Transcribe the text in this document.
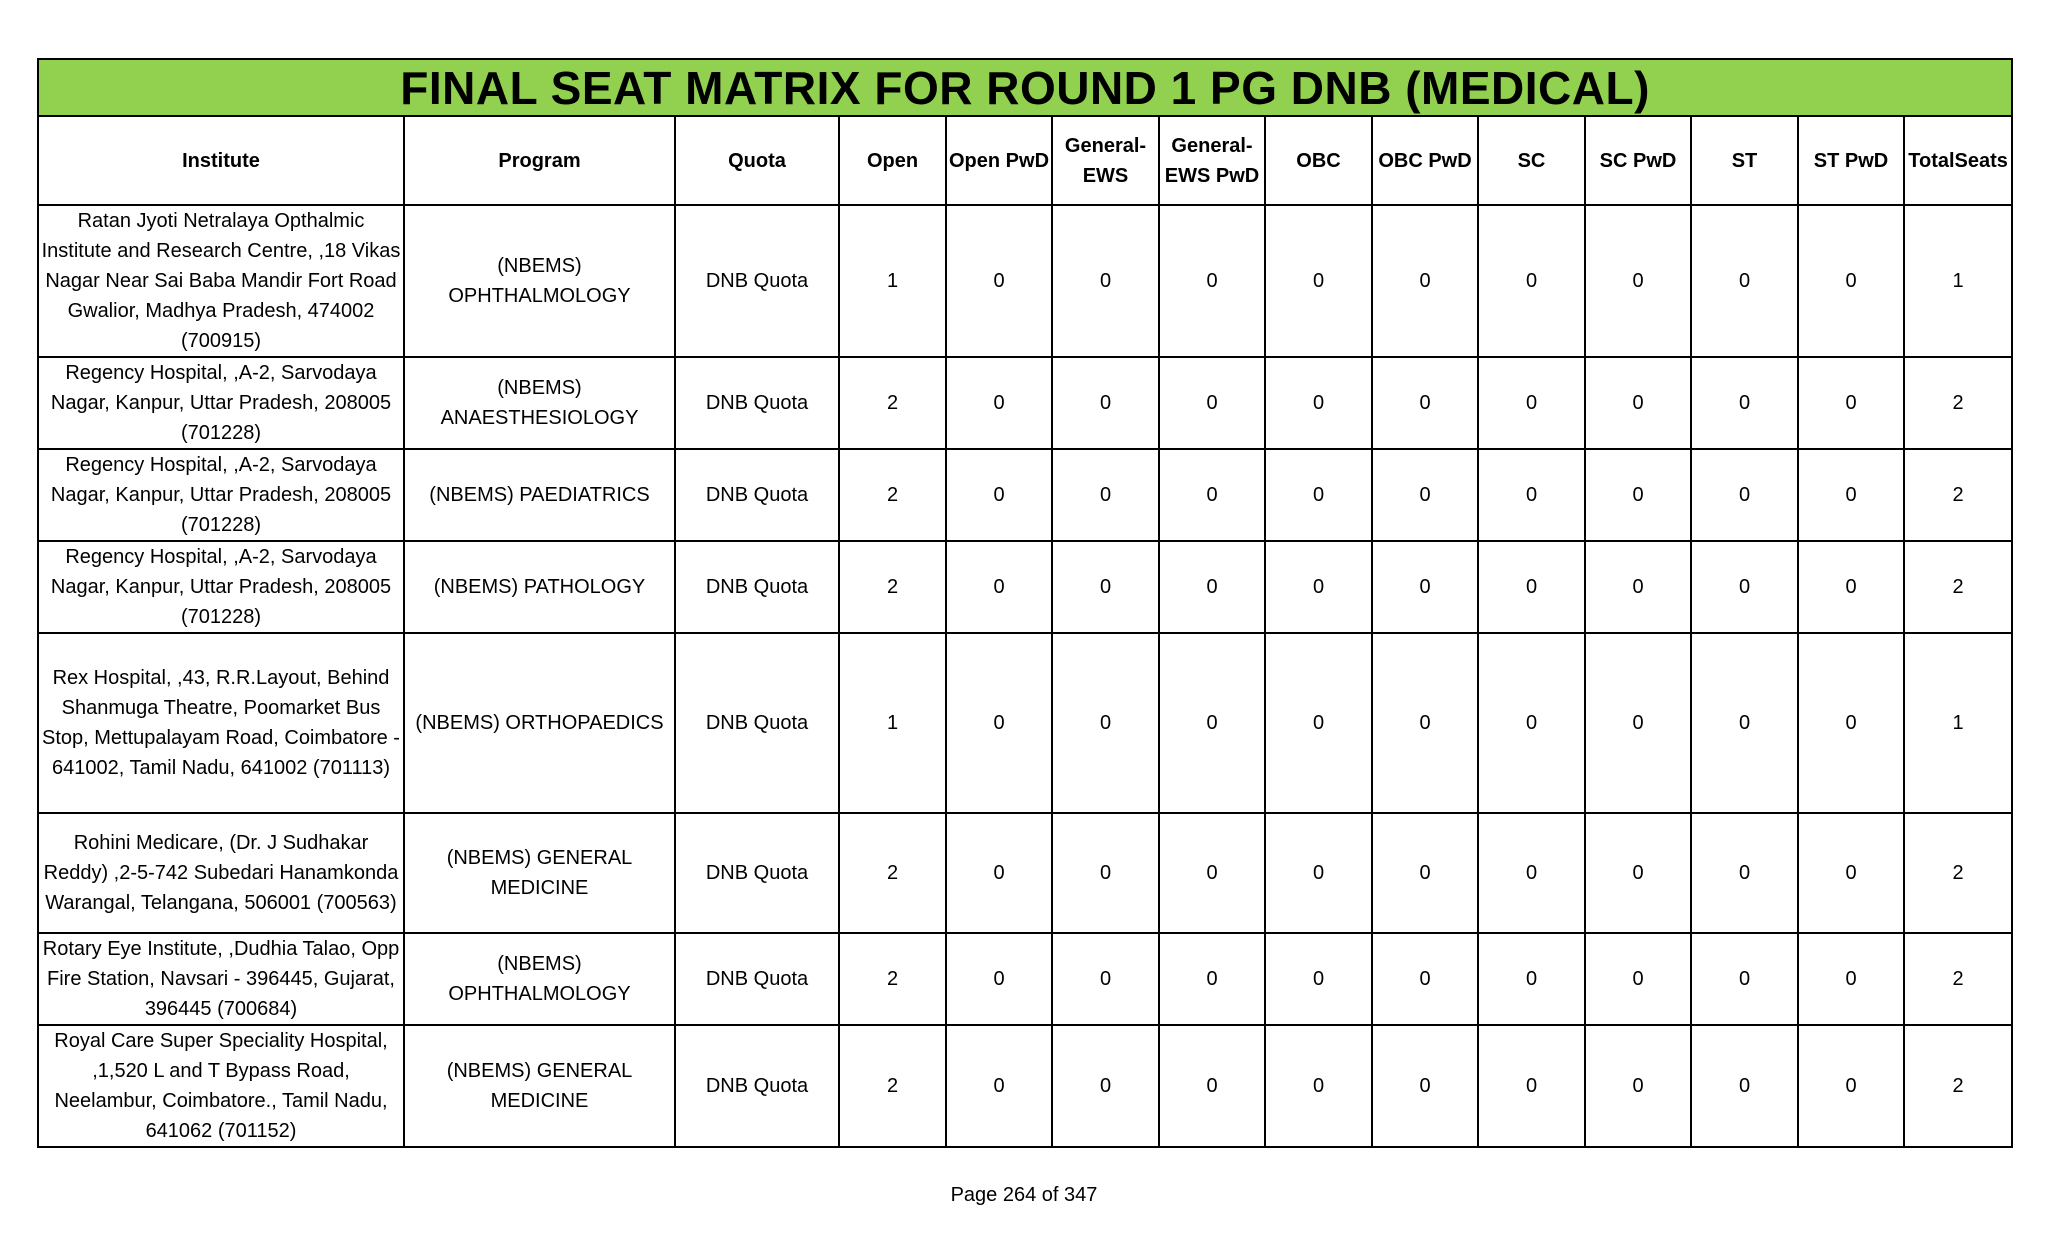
FINAL SEAT MATRIX FOR ROUND 1 PG DNB (MEDICAL)													
Institute	Program	Quota	Open	Open PwD	General-EWS	General-EWS PwD	OBC	OBC PwD	SC	SC PwD	ST	ST PwD	TotalSeats
Ratan Jyoti Netralaya Opthalmic Institute and Research Centre, ,18 Vikas Nagar Near Sai Baba Mandir Fort Road Gwalior, Madhya Pradesh, 474002 (700915)	(NBEMS) OPHTHALMOLOGY	DNB Quota	1	0	0	0	0	0	0	0	0	0	1
Regency Hospital, ,A-2, Sarvodaya Nagar, Kanpur, Uttar Pradesh, 208005 (701228)	(NBEMS) ANAESTHESIOLOGY	DNB Quota	2	0	0	0	0	0	0	0	0	0	2
Regency Hospital, ,A-2, Sarvodaya Nagar, Kanpur, Uttar Pradesh, 208005 (701228)	(NBEMS) PAEDIATRICS	DNB Quota	2	0	0	0	0	0	0	0	0	0	2
Regency Hospital, ,A-2, Sarvodaya Nagar, Kanpur, Uttar Pradesh, 208005 (701228)	(NBEMS) PATHOLOGY	DNB Quota	2	0	0	0	0	0	0	0	0	0	2
Rex Hospital, ,43, R.R.Layout, Behind Shanmuga Theatre, Poomarket Bus Stop, Mettupalayam Road, Coimbatore - 641002, Tamil Nadu, 641002 (701113)	(NBEMS) ORTHOPAEDICS	DNB Quota	1	0	0	0	0	0	0	0	0	0	1
Rohini Medicare, (Dr. J Sudhakar Reddy) ,2-5-742 Subedari Hanamkonda Warangal, Telangana, 506001 (700563)	(NBEMS) GENERAL MEDICINE	DNB Quota	2	0	0	0	0	0	0	0	0	0	2
Rotary Eye Institute, ,Dudhia Talao, Opp Fire Station, Navsari - 396445, Gujarat, 396445 (700684)	(NBEMS) OPHTHALMOLOGY	DNB Quota	2	0	0	0	0	0	0	0	0	0	2
Royal Care Super Speciality Hospital, ,1,520 L and T Bypass Road, Neelambur, Coimbatore., Tamil Nadu, 641062 (701152)	(NBEMS) GENERAL MEDICINE	DNB Quota	2	0	0	0	0	0	0	0	0	0	2
Page 264 of 347
